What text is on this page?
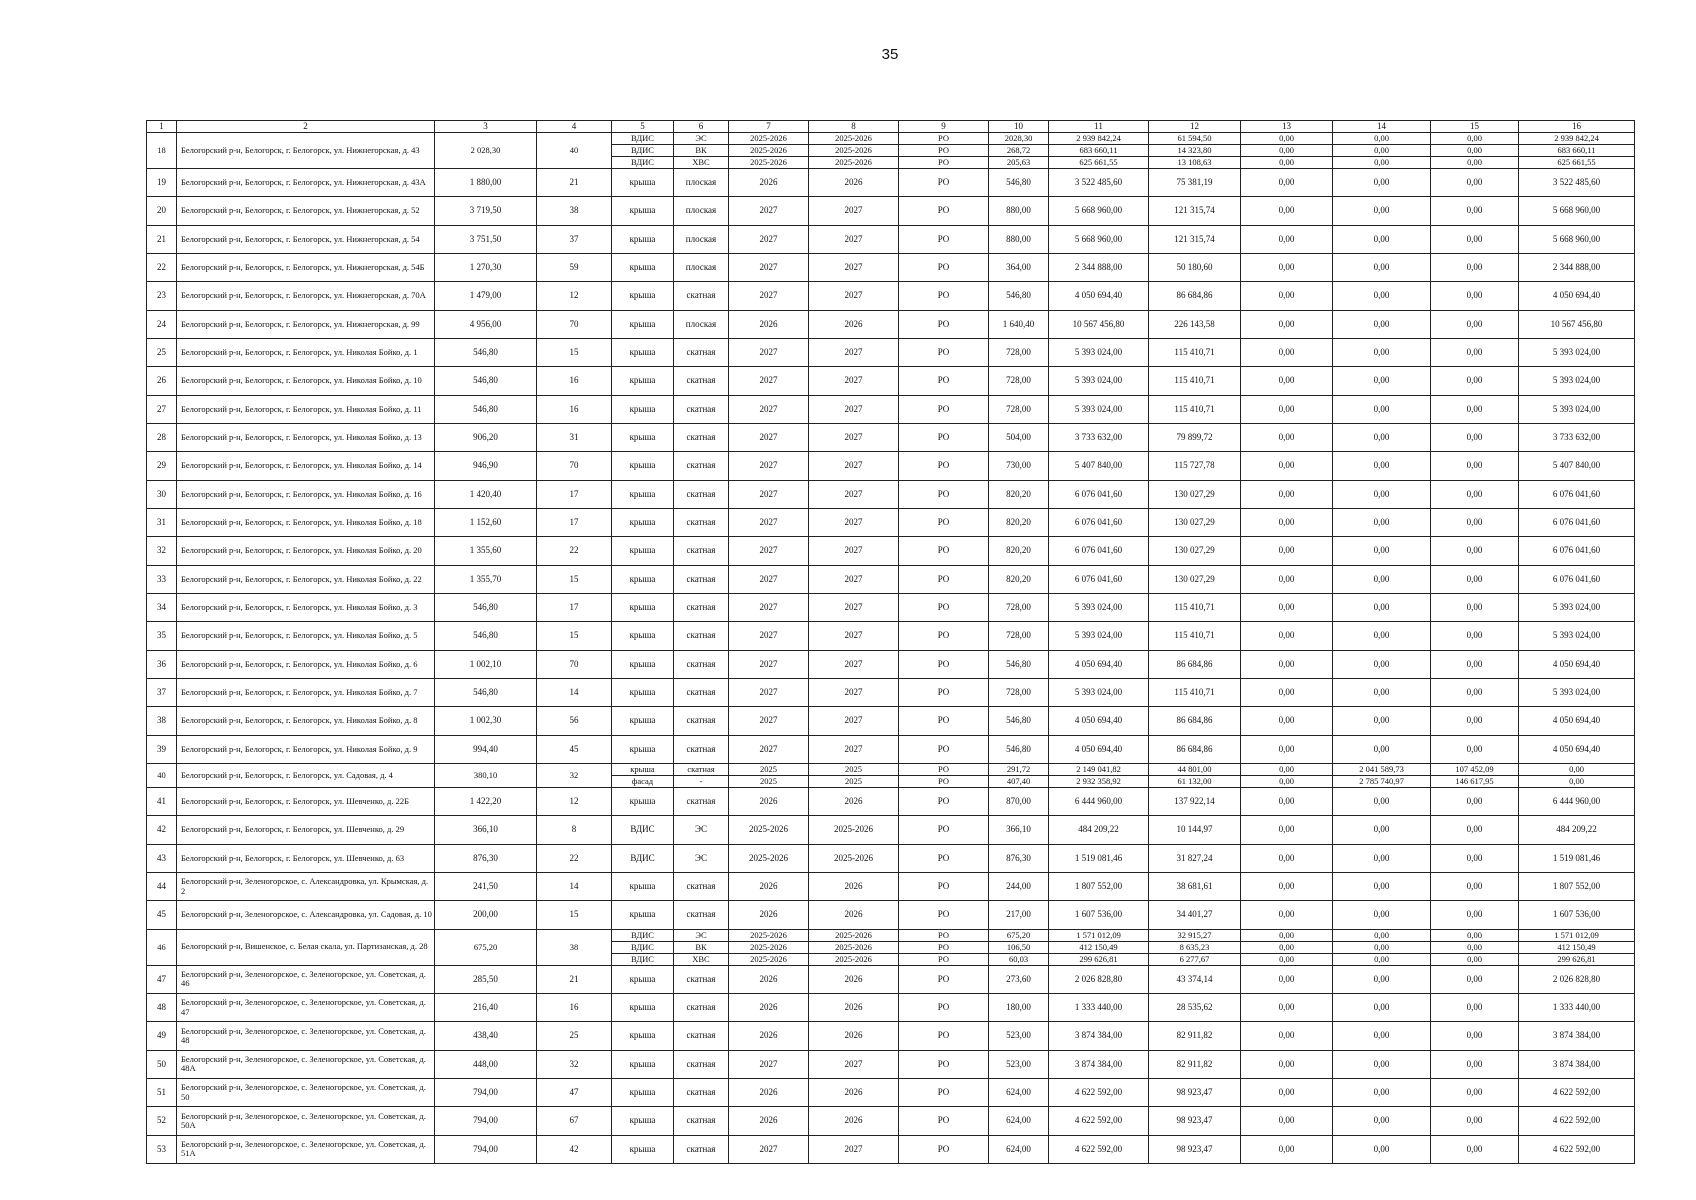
35
1	2	3	4	5	6	7	8	9	10	11	12	13	14	15	16
18	Белогорский р-н, Белогорск, г. Белогорск, ул. Нижнегорская, д. 43	2 028,30	40	ВДИС	ЭС	2025-2026	2025-2026	РО	2028,30	2 939 842,24	61 594,50	0,00	0,00	0,00	2 939 842,24
				ВДИС	ВК	2025-2026	2025-2026	РО	268,72	683 660,11	14 323,80	0,00	0,00	0,00	683 660,11
				ВДИС	ХВС	2025-2026	2025-2026	РО	205,63	625 661,55	13 108,63	0,00	0,00	0,00	625 661,55
19	Белогорский р-н, Белогорск, г. Белогорск, ул. Нижнегорская, д. 43А	1 880,00	21	крыша	плоская	2026	2026	РО	546,80	3 522 485,60	75 381,19	0,00	0,00	0,00	3 522 485,60
20	Белогорский р-н, Белогорск, г. Белогорск, ул. Нижнегорская, д. 52	3 719,50	38	крыша	плоская	2027	2027	РО	880,00	5 668 960,00	121 315,74	0,00	0,00	0,00	5 668 960,00
21	Белогорский р-н, Белогорск, г. Белогорск, ул. Нижнегорская, д. 54	3 751,50	37	крыша	плоская	2027	2027	РО	880,00	5 668 960,00	121 315,74	0,00	0,00	0,00	5 668 960,00
22	Белогорский р-н, Белогорск, г. Белогорск, ул. Нижнегорская, д. 54Б	1 270,30	59	крыша	плоская	2027	2027	РО	364,00	2 344 888,00	50 180,60	0,00	0,00	0,00	2 344 888,00
23	Белогорский р-н, Белогорск, г. Белогорск, ул. Нижнегорская, д. 70А	1 479,00	12	крыша	скатная	2027	2027	РО	546,80	4 050 694,40	86 684,86	0,00	0,00	0,00	4 050 694,40
24	Белогорский р-н, Белогорск, г. Белогорск, ул. Нижнегорская, д. 99	4 956,00	70	крыша	плоская	2026	2026	РО	1 640,40	10 567 456,80	226 143,58	0,00	0,00	0,00	10 567 456,80
25	Белогорский р-н, Белогорск, г. Белогорск, ул. Николая Бойко, д. 1	546,80	15	крыша	скатная	2027	2027	РО	728,00	5 393 024,00	115 410,71	0,00	0,00	0,00	5 393 024,00
26	Белогорский р-н, Белогорск, г. Белогорск, ул. Николая Бойко, д. 10	546,80	16	крыша	скатная	2027	2027	РО	728,00	5 393 024,00	115 410,71	0,00	0,00	0,00	5 393 024,00
27	Белогорский р-н, Белогорск, г. Белогорск, ул. Николая Бойко, д. 11	546,80	16	крыша	скатная	2027	2027	РО	728,00	5 393 024,00	115 410,71	0,00	0,00	0,00	5 393 024,00
28	Белогорский р-н, Белогорск, г. Белогорск, ул. Николая Бойко, д. 13	906,20	31	крыша	скатная	2027	2027	РО	504,00	3 733 632,00	79 899,72	0,00	0,00	0,00	3 733 632,00
29	Белогорский р-н, Белогорск, г. Белогорск, ул. Николая Бойко, д. 14	946,90	70	крыша	скатная	2027	2027	РО	730,00	5 407 840,00	115 727,78	0,00	0,00	0,00	5 407 840,00
30	Белогорский р-н, Белогорск, г. Белогорск, ул. Николая Бойко, д. 16	1 420,40	17	крыша	скатная	2027	2027	РО	820,20	6 076 041,60	130 027,29	0,00	0,00	0,00	6 076 041,60
31	Белогорский р-н, Белогорск, г. Белогорск, ул. Николая Бойко, д. 18	1 152,60	17	крыша	скатная	2027	2027	РО	820,20	6 076 041,60	130 027,29	0,00	0,00	0,00	6 076 041,60
32	Белогорский р-н, Белогорск, г. Белогорск, ул. Николая Бойко, д. 20	1 355,60	22	крыша	скатная	2027	2027	РО	820,20	6 076 041,60	130 027,29	0,00	0,00	0,00	6 076 041,60
33	Белогорский р-н, Белогорск, г. Белогорск, ул. Николая Бойко, д. 22	1 355,70	15	крыша	скатная	2027	2027	РО	820,20	6 076 041,60	130 027,29	0,00	0,00	0,00	6 076 041,60
34	Белогорский р-н, Белогорск, г. Белогорск, ул. Николая Бойко, д. 3	546,80	17	крыша	скатная	2027	2027	РО	728,00	5 393 024,00	115 410,71	0,00	0,00	0,00	5 393 024,00
35	Белогорский р-н, Белогорск, г. Белогорск, ул. Николая Бойко, д. 5	546,80	15	крыша	скатная	2027	2027	РО	728,00	5 393 024,00	115 410,71	0,00	0,00	0,00	5 393 024,00
36	Белогорский р-н, Белогорск, г. Белогорск, ул. Николая Бойко, д. 6	1 002,10	70	крыша	скатная	2027	2027	РО	546,80	4 050 694,40	86 684,86	0,00	0,00	0,00	4 050 694,40
37	Белогорский р-н, Белогорск, г. Белогорск, ул. Николая Бойко, д. 7	546,80	14	крыша	скатная	2027	2027	РО	728,00	5 393 024,00	115 410,71	0,00	0,00	0,00	5 393 024,00
38	Белогорский р-н, Белогорск, г. Белогорск, ул. Николая Бойко, д. 8	1 002,30	56	крыша	скатная	2027	2027	РО	546,80	4 050 694,40	86 684,86	0,00	0,00	0,00	4 050 694,40
39	Белогорский р-н, Белогорск, г. Белогорск, ул. Николая Бойко, д. 9	994,40	45	крыша	скатная	2027	2027	РО	546,80	4 050 694,40	86 684,86	0,00	0,00	0,00	4 050 694,40
40	Белогорский р-н, Белогорск, г. Белогорск, ул. Садовая, д. 4	380,10	32	крыша	скатная	2025	2025	РО	291,72	2 149 041,82	44 801,00	0,00	2 041 589,73	107 452,09	0,00
				фасад	-	2025	2025	РО	407,40	2 932 358,92	61 132,00	0,00	2 785 740,97	146 617,95	0,00
41	Белогорский р-н, Белогорск, г. Белогорск, ул. Шевченко, д. 22Б	1 422,20	12	крыша	скатная	2026	2026	РО	870,00	6 444 960,00	137 922,14	0,00	0,00	0,00	6 444 960,00
42	Белогорский р-н, Белогорск, г. Белогорск, ул. Шевченко, д. 29	366,10	8	ВДИС	ЭС	2025-2026	2025-2026	РО	366,10	484 209,22	10 144,97	0,00	0,00	0,00	484 209,22
43	Белогорский р-н, Белогорск, г. Белогорск, ул. Шевченко, д. 63	876,30	22	ВДИС	ЭС	2025-2026	2025-2026	РО	876,30	1 519 081,46	31 827,24	0,00	0,00	0,00	1 519 081,46
44	Белогорский р-н, Зеленогорское, с. Александровка, ул. Крымская, д. 2	241,50	14	крыша	скатная	2026	2026	РО	244,00	1 807 552,00	38 681,61	0,00	0,00	0,00	1 807 552,00
45	Белогорский р-н, Зеленогорское, с. Александровка, ул. Садовая, д. 10	200,00	15	крыша	скатная	2026	2026	РО	217,00	1 607 536,00	34 401,27	0,00	0,00	0,00	1 607 536,00
46	Белогорский р-н, Вишенское, с. Белая скала, ул. Партизанская, д. 28	675,20	38	ВДИС	ЭС	2025-2026	2025-2026	РО	675,20	1 571 012,09	32 915,27	0,00	0,00	0,00	1 571 012,09
				ВДИС	ВК	2025-2026	2025-2026	РО	106,50	412 150,49	8 635,23	0,00	0,00	0,00	412 150,49
				ВДИС	ХВС	2025-2026	2025-2026	РО	60,03	299 626,81	6 277,67	0,00	0,00	0,00	299 626,81
47	Белогорский р-н, Зеленогорское, с. Зеленогорское, ул. Советская, д. 46	285,50	21	крыша	скатная	2026	2026	РО	273,60	2 026 828,80	43 374,14	0,00	0,00	0,00	2 026 828,80
48	Белогорский р-н, Зеленогорское, с. Зеленогорское, ул. Советская, д. 47	216,40	16	крыша	скатная	2026	2026	РО	180,00	1 333 440,00	28 535,62	0,00	0,00	0,00	1 333 440,00
49	Белогорский р-н, Зеленогорское, с. Зеленогорское, ул. Советская, д. 48	438,40	25	крыша	скатная	2026	2026	РО	523,00	3 874 384,00	82 911,82	0,00	0,00	0,00	3 874 384,00
50	Белогорский р-н, Зеленогорское, с. Зеленогорское, ул. Советская, д. 48А	448,00	32	крыша	скатная	2027	2027	РО	523,00	3 874 384,00	82 911,82	0,00	0,00	0,00	3 874 384,00
51	Белогорский р-н, Зеленогорское, с. Зеленогорское, ул. Советская, д. 50	794,00	47	крыша	скатная	2026	2026	РО	624,00	4 622 592,00	98 923,47	0,00	0,00	0,00	4 622 592,00
52	Белогорский р-н, Зеленогорское, с. Зеленогорское, ул. Советская, д. 50А	794,00	67	крыша	скатная	2026	2026	РО	624,00	4 622 592,00	98 923,47	0,00	0,00	0,00	4 622 592,00
53	Белогорский р-н, Зеленогорское, с. Зеленогорское, ул. Советская, д. 51А	794,00	42	крыша	скатная	2027	2027	РО	624,00	4 622 592,00	98 923,47	0,00	0,00	0,00	4 622 592,00
